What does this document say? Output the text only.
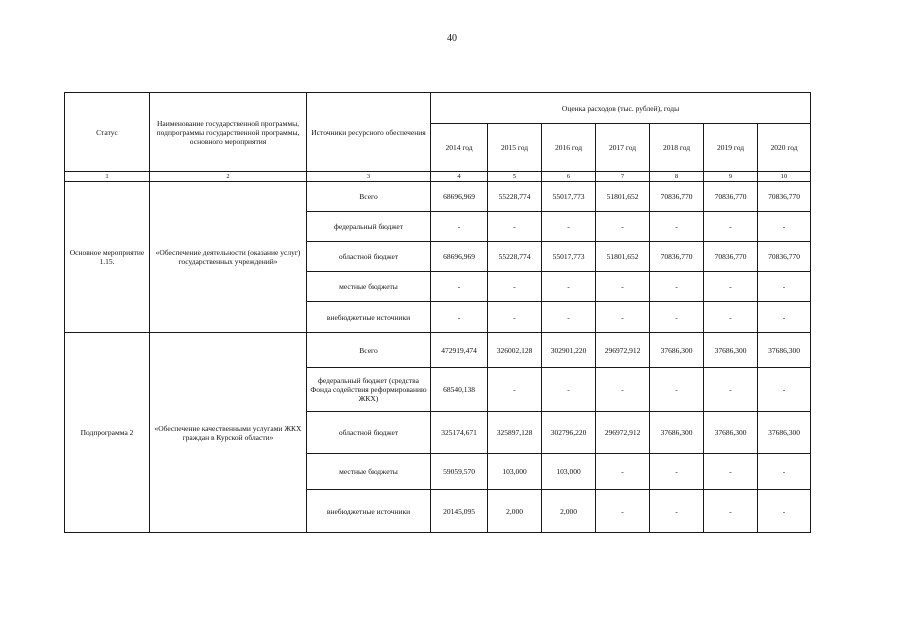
40
Статус	Наименование государственной программы, подпрограммы государственной программы, основного мероприятия	Источники ресурсного обеспечения	Оценка расходов (тыс. рублей), годы						
			2014 год	2015 год	2016 год	2017 год	2018 год	2019 год	2020 год
1	2	3	4	5	6	7	8	9	10
Основное мероприятие 1.15.	«Обеспечение деятельности (оказание услуг) государственных учреждений»	Всего	68696,969	55228,774	55017,773	51801,652	70836,770	70836,770	70836,770
		федеральный бюджет	-	-	-	-	-	-	-
		областной бюджет	68696,969	55228,774	55017,773	51801,652	70836,770	70836,770	70836,770
		местные бюджеты	-	-	-	-	-	-	-
		внебюджетные источники	-	-	-	-	-	-	-
Подпрограмма 2	«Обеспечение качественными услугами ЖКХ граждан в Курской области»	Всего	472919,474	326002,128	302901,220	296972,912	37686,300	37686,300	37686,300
		федеральный бюджет (средства Фонда содействия реформированию ЖКХ)	68540,138	-	-	-	-	-	-
		областной бюджет	325174,671	325897,128	302796,220	296972,912	37686,300	37686,300	37686,300
		местные бюджеты	59059,570	103,000	103,000	-	-	-	-
		внебюджетные источники	20145,095	2,000	2,000	-	-	-	-
